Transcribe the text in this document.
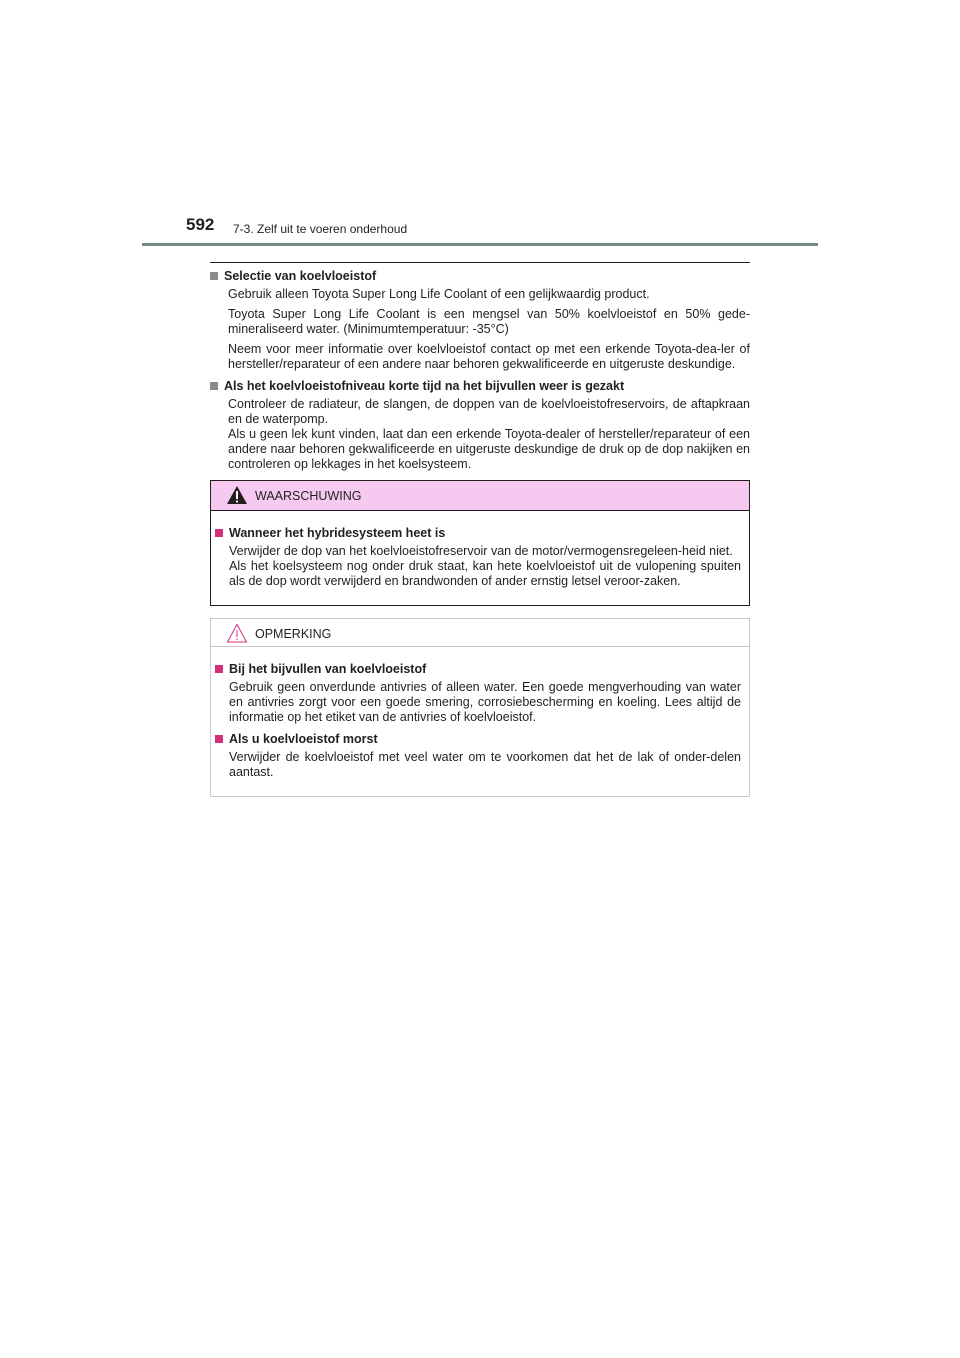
592 7-3. Zelf uit te voeren onderhoud
Selectie van koelvloeistof

Gebruik alleen Toyota Super Long Life Coolant of een gelijkwaardig product.

Toyota Super Long Life Coolant is een mengsel van 50% koelvloeistof en 50% gede-mineraliseerd water. (Minimumtemperatuur: -35°C)

Neem voor meer informatie over koelvloeistof contact op met een erkende Toyota-dea-ler of hersteller/reparateur of een andere naar behoren gekwalificeerde en uitgeruste deskundige.

Als het koelvloeistofniveau korte tijd na het bijvullen weer is gezakt

Controleer de radiateur, de slangen, de doppen van de koelvloeistofreservoirs, de aftapkraan en de waterpomp.

Als u geen lek kunt vinden, laat dan een erkende Toyota-dealer of hersteller/reparateur of een andere naar behoren gekwalificeerde en uitgeruste deskundige de druk op de dop nakijken en controleren op lekkages in het koelsysteem.

WAARSCHUWING
Wanneer het hybridesysteem heet is

Verwijder de dop van het koelvloeistofreservoir van de motor/vermogensregeleen-heid niet.

Als het koelsysteem nog onder druk staat, kan hete koelvloeistof uit de vulopening spuiten als de dop wordt verwijderd en brandwonden of ander ernstig letsel veroor-zaken.

OPMERKING
Bij het bijvullen van koelvloeistof

Gebruik geen onverdunde antivries of alleen water. Een goede mengverhouding van water en antivries zorgt voor een goede smering, corrosiebescherming en koeling. Lees altijd de informatie op het etiket van de antivries of koelvloeistof.

Als u koelvloeistof morst

Verwijder de koelvloeistof met veel water om te voorkomen dat het de lak of onder-delen aantast.
